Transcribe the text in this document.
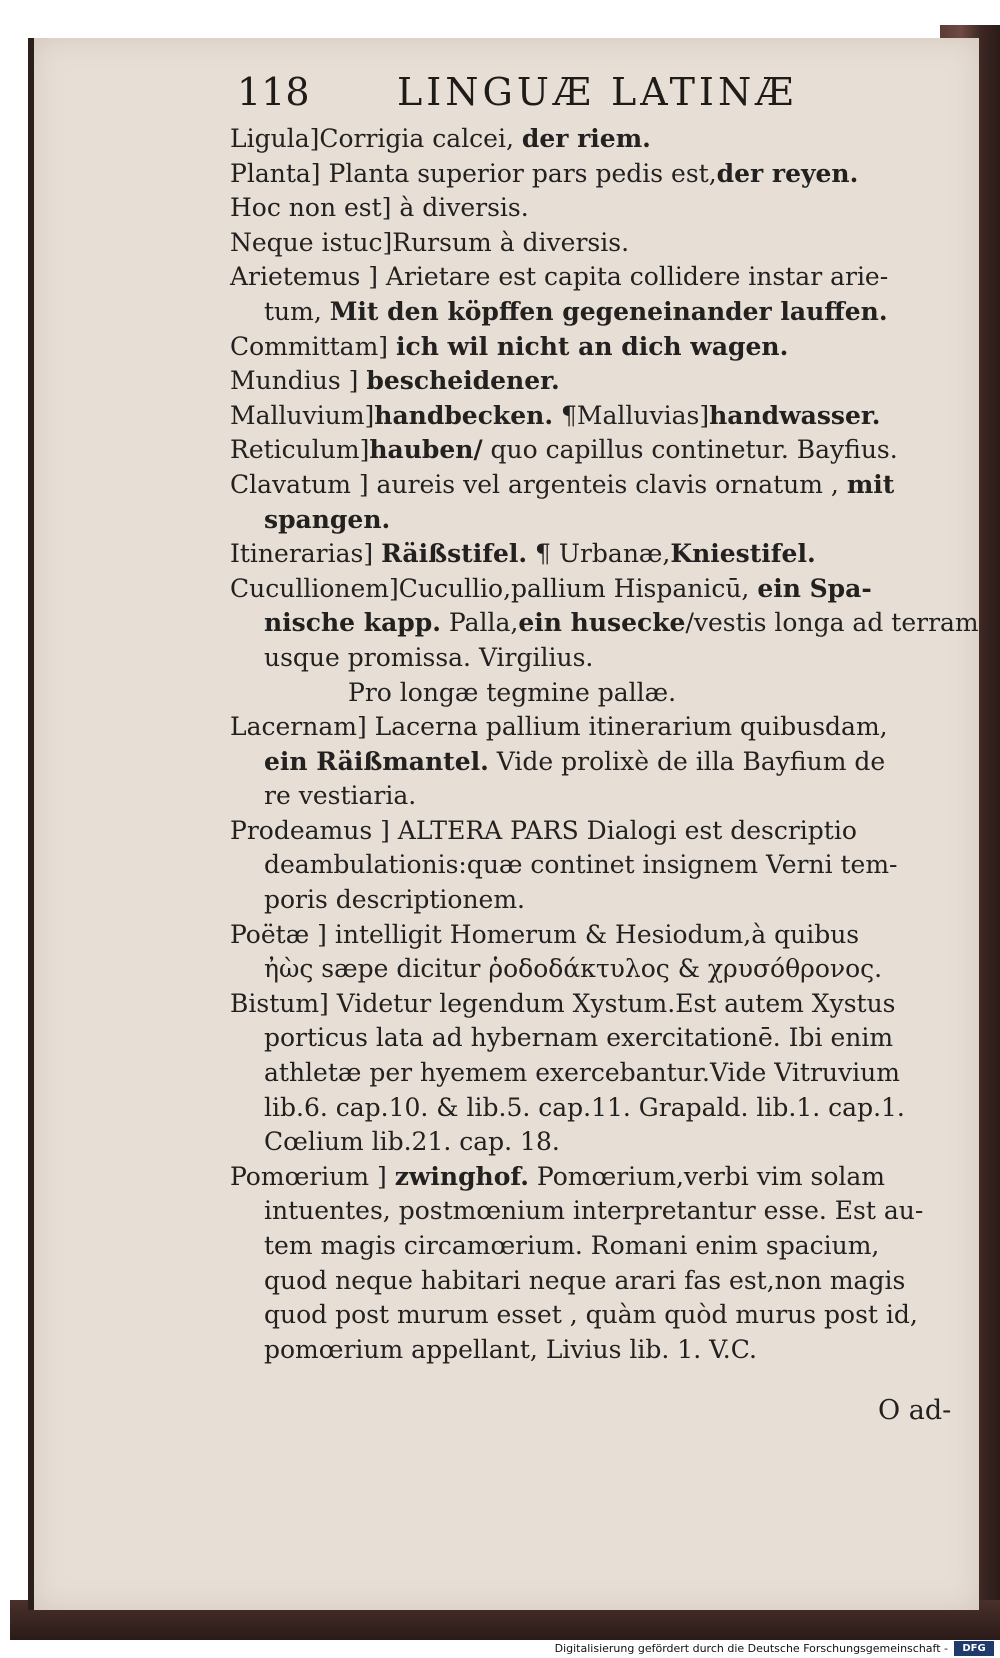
118 LINGUÆ LATINÆ
Ligula]Corrigia calcei, der riem.
Planta] Planta superior pars pedis est,der reyen.
Hoc non est] à diversis.
Neque istuc]Rursum à diversis.
Arietemus ] Arietare est capita collidere instar arie-
tum, Mit den köpffen gegeneinander lauffen.
Committam] ich wil nicht an dich wagen.
Mundius ] bescheidener.
Malluvium]handbecken. ¶Malluvias]handwasser.
Reticulum]hauben/ quo capillus continetur. Bayfius.
Clavatum ] aureis vel argenteis clavis ornatum , mit
spangen.
Itinerarias] Räißstifel. ¶ Urbanæ,Kniestifel.
Cucullionem]Cucullio,pallium Hispanicū, ein Spa-
nische kapp. Palla,ein husecke/vestis longa ad terram
usque promissa. Virgilius.
Pro longæ tegmine pallæ.
Lacernam] Lacerna pallium itinerarium quibusdam,
ein Räißmantel. Vide prolixè de illa Bayfium de
re vestiaria.
Prodeamus ] ALTERA PARS Dialogi est descriptio
deambulationis:quæ continet insignem Verni tem-
poris descriptionem.
Poëtæ ] intelligit Homerum & Hesiodum,à quibus
ἠὼς sæpe dicitur ῥοδοδάκτυλος & χρυσόθρονος.
Bistum] Videtur legendum Xystum.Est autem Xystus
porticus lata ad hybernam exercitationē. Ibi enim
athletæ per hyemem exercebantur.Vide Vitruvium
lib.6. cap.10. & lib.5. cap.11. Grapald. lib.1. cap.1.
Cœlium lib.21. cap. 18.
Pomœrium ] zwinghof. Pomœrium,verbi vim solam
intuentes, postmœnium interpretantur esse. Est au-
tem magis circamœrium. Romani enim spacium,
quod neque habitari neque arari fas est,non magis
quod post murum esset , quàm quòd murus post id,
pomœrium appellant, Livius lib. 1. V.C.
O ad-
Digitalisierung gefördert durch die Deutsche Forschungsgemeinschaft -	DFG
